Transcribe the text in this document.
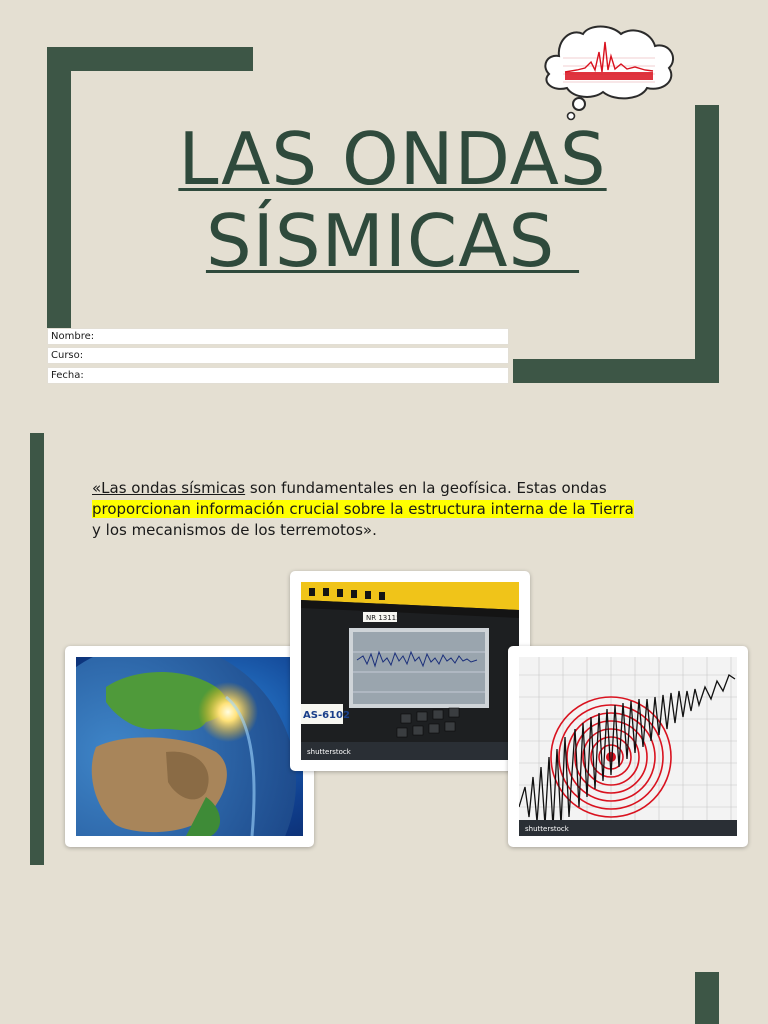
LAS ONDAS
SÍSMICAS
Nombre:
Curso:
Fecha:
«Las ondas sísmicas son fundamentales en la geofísica. Estas ondas proporcionan información crucial sobre la estructura interna de la Tierra
y los mecanismos de los terremotos».
NR 13115
AS-6102
shutterstock
shutterstock
